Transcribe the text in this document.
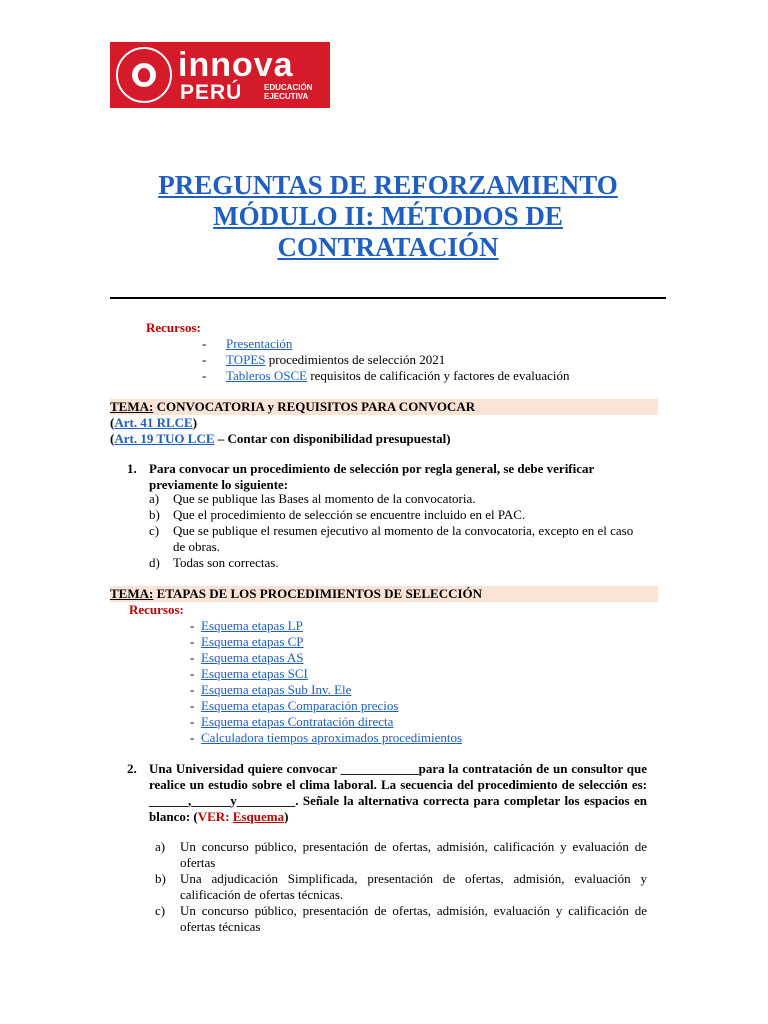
innova
PERÚ	EDUCACIÓN
EJECUTIVA
PREGUNTAS DE REFORZAMIENTO
MÓDULO II: MÉTODOS DE
CONTRATACIÓN
Recursos:
- Presentación
- TOPES procedimientos de selección 2021
- Tableros OSCE requisitos de calificación y factores de evaluación
TEMA: CONVOCATORIA y REQUISITOS PARA CONVOCAR
(Art. 41 RLCE)
(Art. 19 TUO LCE – Contar con disponibilidad presupuestal)
1. Para convocar un procedimiento de selección por regla general, se debe verificar previamente lo siguiente:
a) Que se publique las Bases al momento de la convocatoria.
b) Que el procedimiento de selección se encuentre incluido en el PAC.
c) Que se publique el resumen ejecutivo al momento de la convocatoria, excepto en el caso de obras.
d) Todas son correctas.
TEMA: ETAPAS DE LOS PROCEDIMIENTOS DE SELECCIÓN
Recursos:
- Esquema etapas LP
- Esquema etapas CP
- Esquema etapas AS
- Esquema etapas SCI
- Esquema etapas Sub Inv. Ele
- Esquema etapas Comparación precios
- Esquema etapas Contratación directa
- Calculadora tiempos aproximados procedimientos
2. Una Universidad quiere convocar ____________para la contratación de un consultor que realice un estudio sobre el clima laboral. La secuencia del procedimiento de selección es: ______,______y_________. Señale la alternativa correcta para completar los espacios en blanco: (VER: Esquema)
a) Un concurso público, presentación de ofertas, admisión, calificación y evaluación de ofertas
b) Una adjudicación Simplificada, presentación de ofertas, admisión, evaluación y calificación de ofertas técnicas.
c) Un concurso público, presentación de ofertas, admisión, evaluación y calificación de ofertas técnicas
